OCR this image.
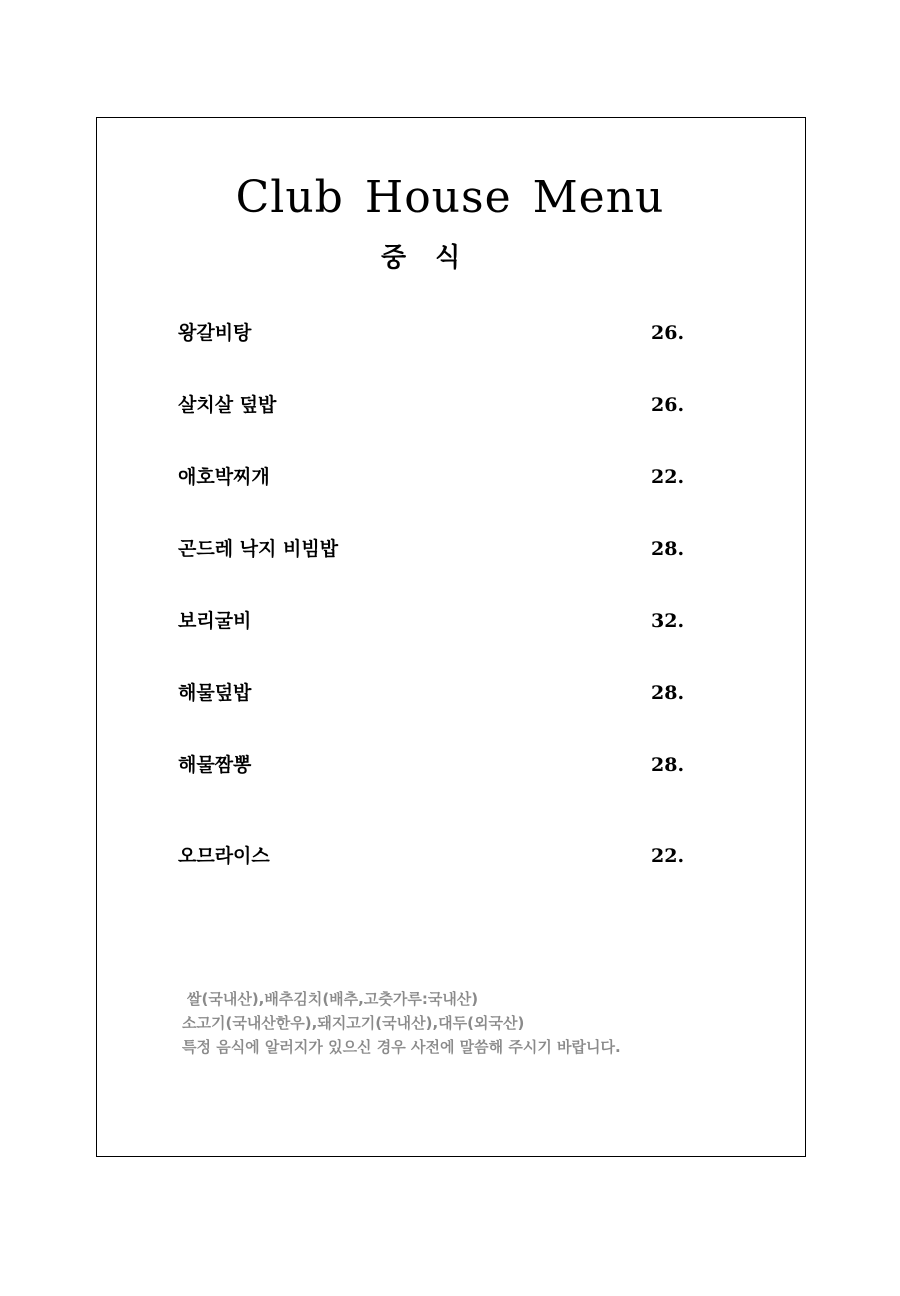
Club House Menu
중 식
왕갈비탕	26.
살치살 덮밥	26.
애호박찌개	22.
곤드레 낙지 비빔밥	28.
보리굴비	32.
해물덮밥	28.
해물짬뽕	28.
오므라이스	22.
쌀(국내산),배추김치(배추,고춧가루:국내산)
소고기(국내산한우),돼지고기(국내산),대두(외국산)
특정 음식에 알러지가 있으신 경우 사전에 말씀해 주시기 바랍니다.
